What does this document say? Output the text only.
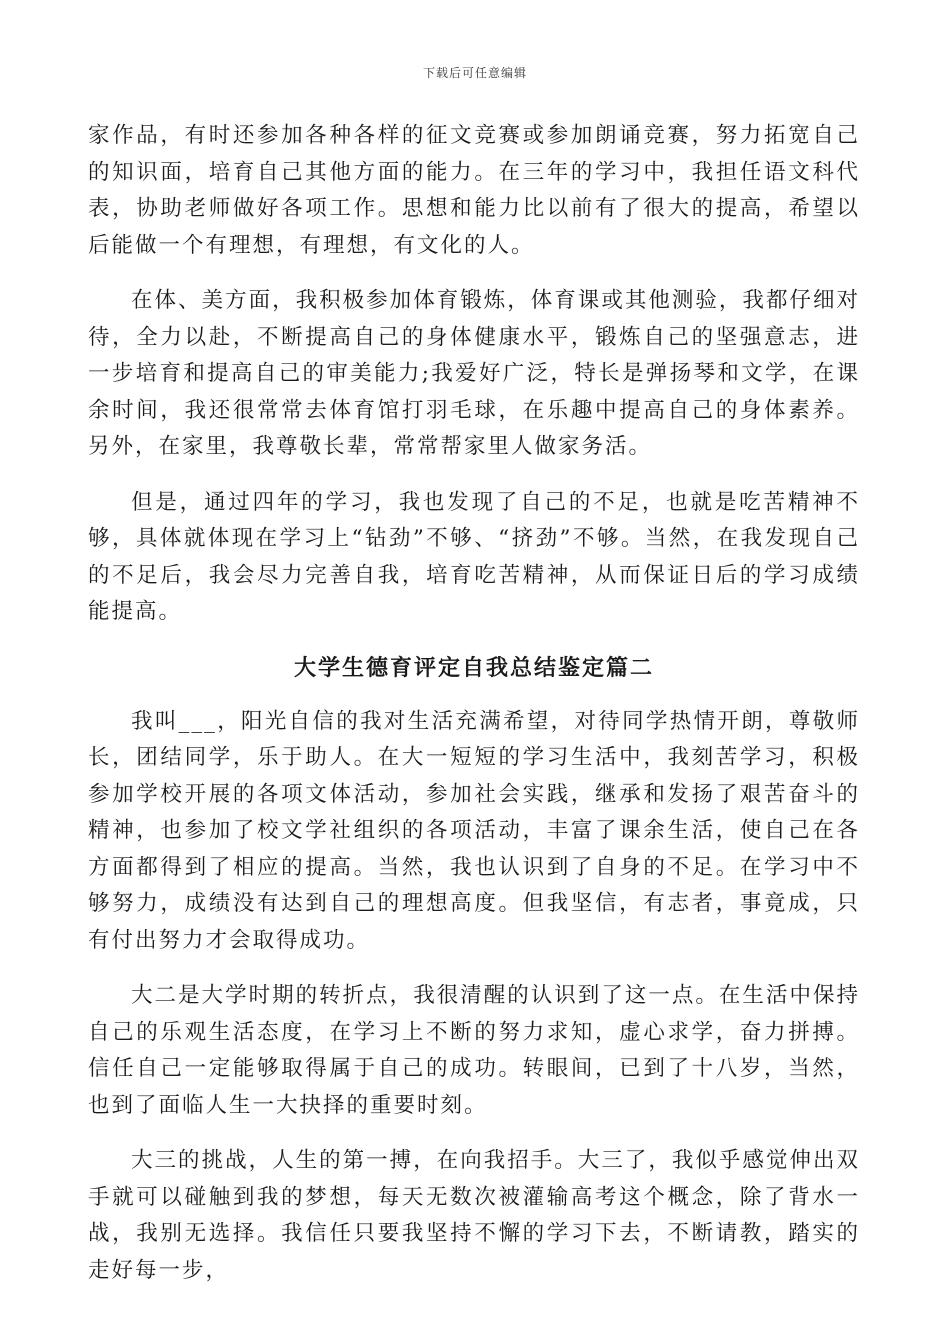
下载后可任意编辑

家作品，有时还参加各种各样的征文竞赛或参加朗诵竞赛，努力拓宽自己的知识面，培育自己其他方面的能力。在三年的学习中，我担任语文科代表，协助老师做好各项工作。思想和能力比以前有了很大的提高，希望以后能做一个有理想，有理想，有文化的人。

在体、美方面，我积极参加体育锻炼，体育课或其他测验，我都仔细对待，全力以赴，不断提高自己的身体健康水平，锻炼自己的坚强意志，进一步培育和提高自己的审美能力;我爱好广泛，特长是弹扬琴和文学，在课余时间，我还很常常去体育馆打羽毛球，在乐趣中提高自己的身体素养。另外，在家里，我尊敬长辈，常常帮家里人做家务活。

但是，通过四年的学习，我也发现了自己的不足，也就是吃苦精神不够，具体就体现在学习上“钻劲”不够、“挤劲”不够。当然，在我发现自己的不足后，我会尽力完善自我，培育吃苦精神，从而保证日后的学习成绩能提高。

大学生德育评定自我总结鉴定篇二

我叫___，阳光自信的我对生活充满希望，对待同学热情开朗，尊敬师长，团结同学，乐于助人。在大一短短的学习生活中，我刻苦学习，积极参加学校开展的各项文体活动，参加社会实践，继承和发扬了艰苦奋斗的精神，也参加了校文学社组织的各项活动，丰富了课余生活，使自己在各方面都得到了相应的提高。当然，我也认识到了自身的不足。在学习中不够努力，成绩没有达到自己的理想高度。但我坚信，有志者，事竟成，只有付出努力才会取得成功。

大二是大学时期的转折点，我很清醒的认识到了这一点。在生活中保持自己的乐观生活态度，在学习上不断的努力求知，虚心求学，奋力拼搏。信任自己一定能够取得属于自己的成功。转眼间，已到了十八岁，当然，也到了面临人生一大抉择的重要时刻。

大三的挑战，人生的第一搏，在向我招手。大三了，我似乎感觉伸出双手就可以碰触到我的梦想，每天无数次被灌输高考这个概念，除了背水一战，我别无选择。我信任只要我坚持不懈的学习下去，不断请教，踏实的走好每一步，
